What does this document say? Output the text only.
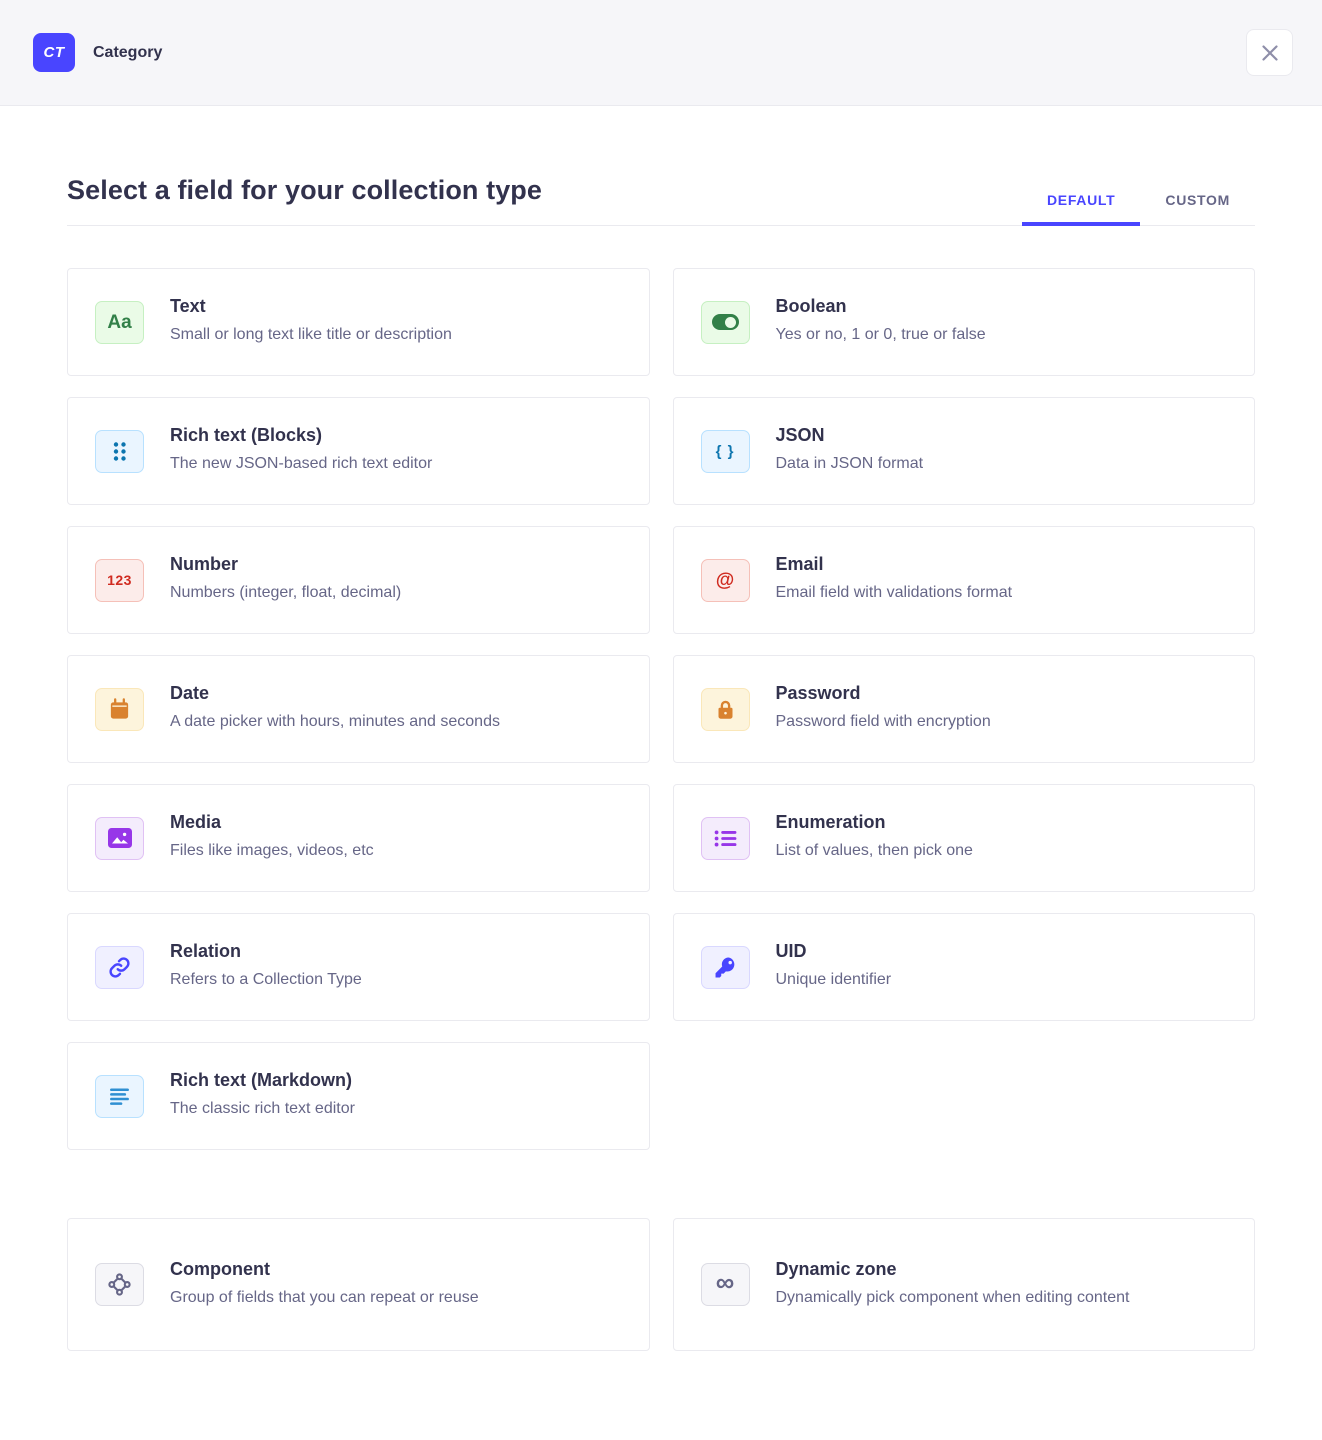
CT Category
Select a field for your collection type	DEFAULT	CUSTOM
Aa
Text
Small or long text like title or description
Boolean
Yes or no, 1 or 0, true or false
Rich text (Blocks)
The new JSON-based rich text editor
{ }
JSON
Data in JSON format
123
Number
Numbers (integer, float, decimal)
@
Email
Email field with validations format
Date
A date picker with hours, minutes and seconds
Password
Password field with encryption
Media
Files like images, videos, etc
Enumeration
List of values, then pick one
Relation
Refers to a Collection Type
UID
Unique identifier
Rich text (Markdown)
The classic rich text editor
Component
Group of fields that you can repeat or reuse
∞ Dynamic zone
Dynamically pick component when editing content
